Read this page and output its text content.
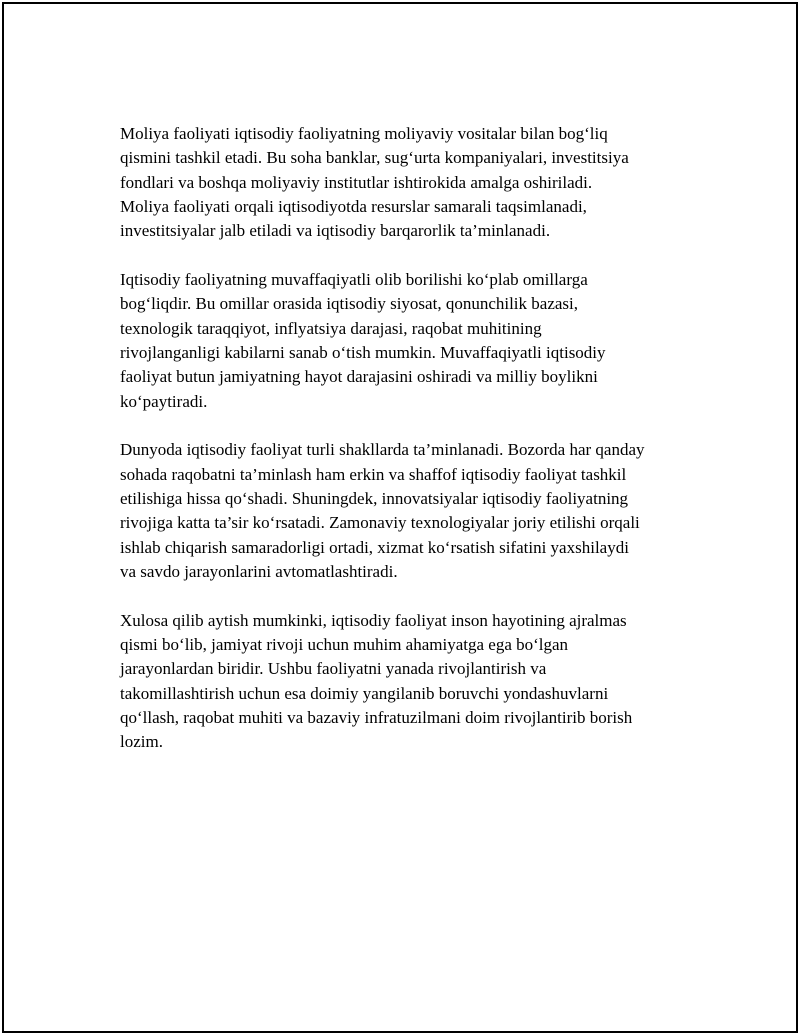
Moliya faoliyati iqtisodiy faoliyatning moliyaviy vositalar bilan bog‘liq
qismini tashkil etadi. Bu soha banklar, sug‘urta kompaniyalari, investitsiya
fondlari va boshqa moliyaviy institutlar ishtirokida amalga oshiriladi.
Moliya faoliyati orqali iqtisodiyotda resurslar samarali taqsimlanadi,
investitsiyalar jalb etiladi va iqtisodiy barqarorlik ta’minlanadi.

Iqtisodiy faoliyatning muvaffaqiyatli olib borilishi ko‘plab omillarga
bog‘liqdir. Bu omillar orasida iqtisodiy siyosat, qonunchilik bazasi,
texnologik taraqqiyot, inflyatsiya darajasi, raqobat muhitining
rivojlanganligi kabilarni sanab o‘tish mumkin. Muvaffaqiyatli iqtisodiy
faoliyat butun jamiyatning hayot darajasini oshiradi va milliy boylikni
ko‘paytiradi.

Dunyoda iqtisodiy faoliyat turli shakllarda ta’minlanadi. Bozorda har qanday
sohada raqobatni ta’minlash ham erkin va shaffof iqtisodiy faoliyat tashkil
etilishiga hissa qo‘shadi. Shuningdek, innovatsiyalar iqtisodiy faoliyatning
rivojiga katta ta’sir ko‘rsatadi. Zamonaviy texnologiyalar joriy etilishi orqali
ishlab chiqarish samaradorligi ortadi, xizmat ko‘rsatish sifatini yaxshilaydi
va savdo jarayonlarini avtomatlashtiradi.

Xulosa qilib aytish mumkinki, iqtisodiy faoliyat inson hayotining ajralmas
qismi bo‘lib, jamiyat rivoji uchun muhim ahamiyatga ega bo‘lgan
jarayonlardan biridir. Ushbu faoliyatni yanada rivojlantirish va
takomillashtirish uchun esa doimiy yangilanib boruvchi yondashuvlarni
qo‘llash, raqobat muhiti va bazaviy infratuzilmani doim rivojlantirib borish
lozim.
